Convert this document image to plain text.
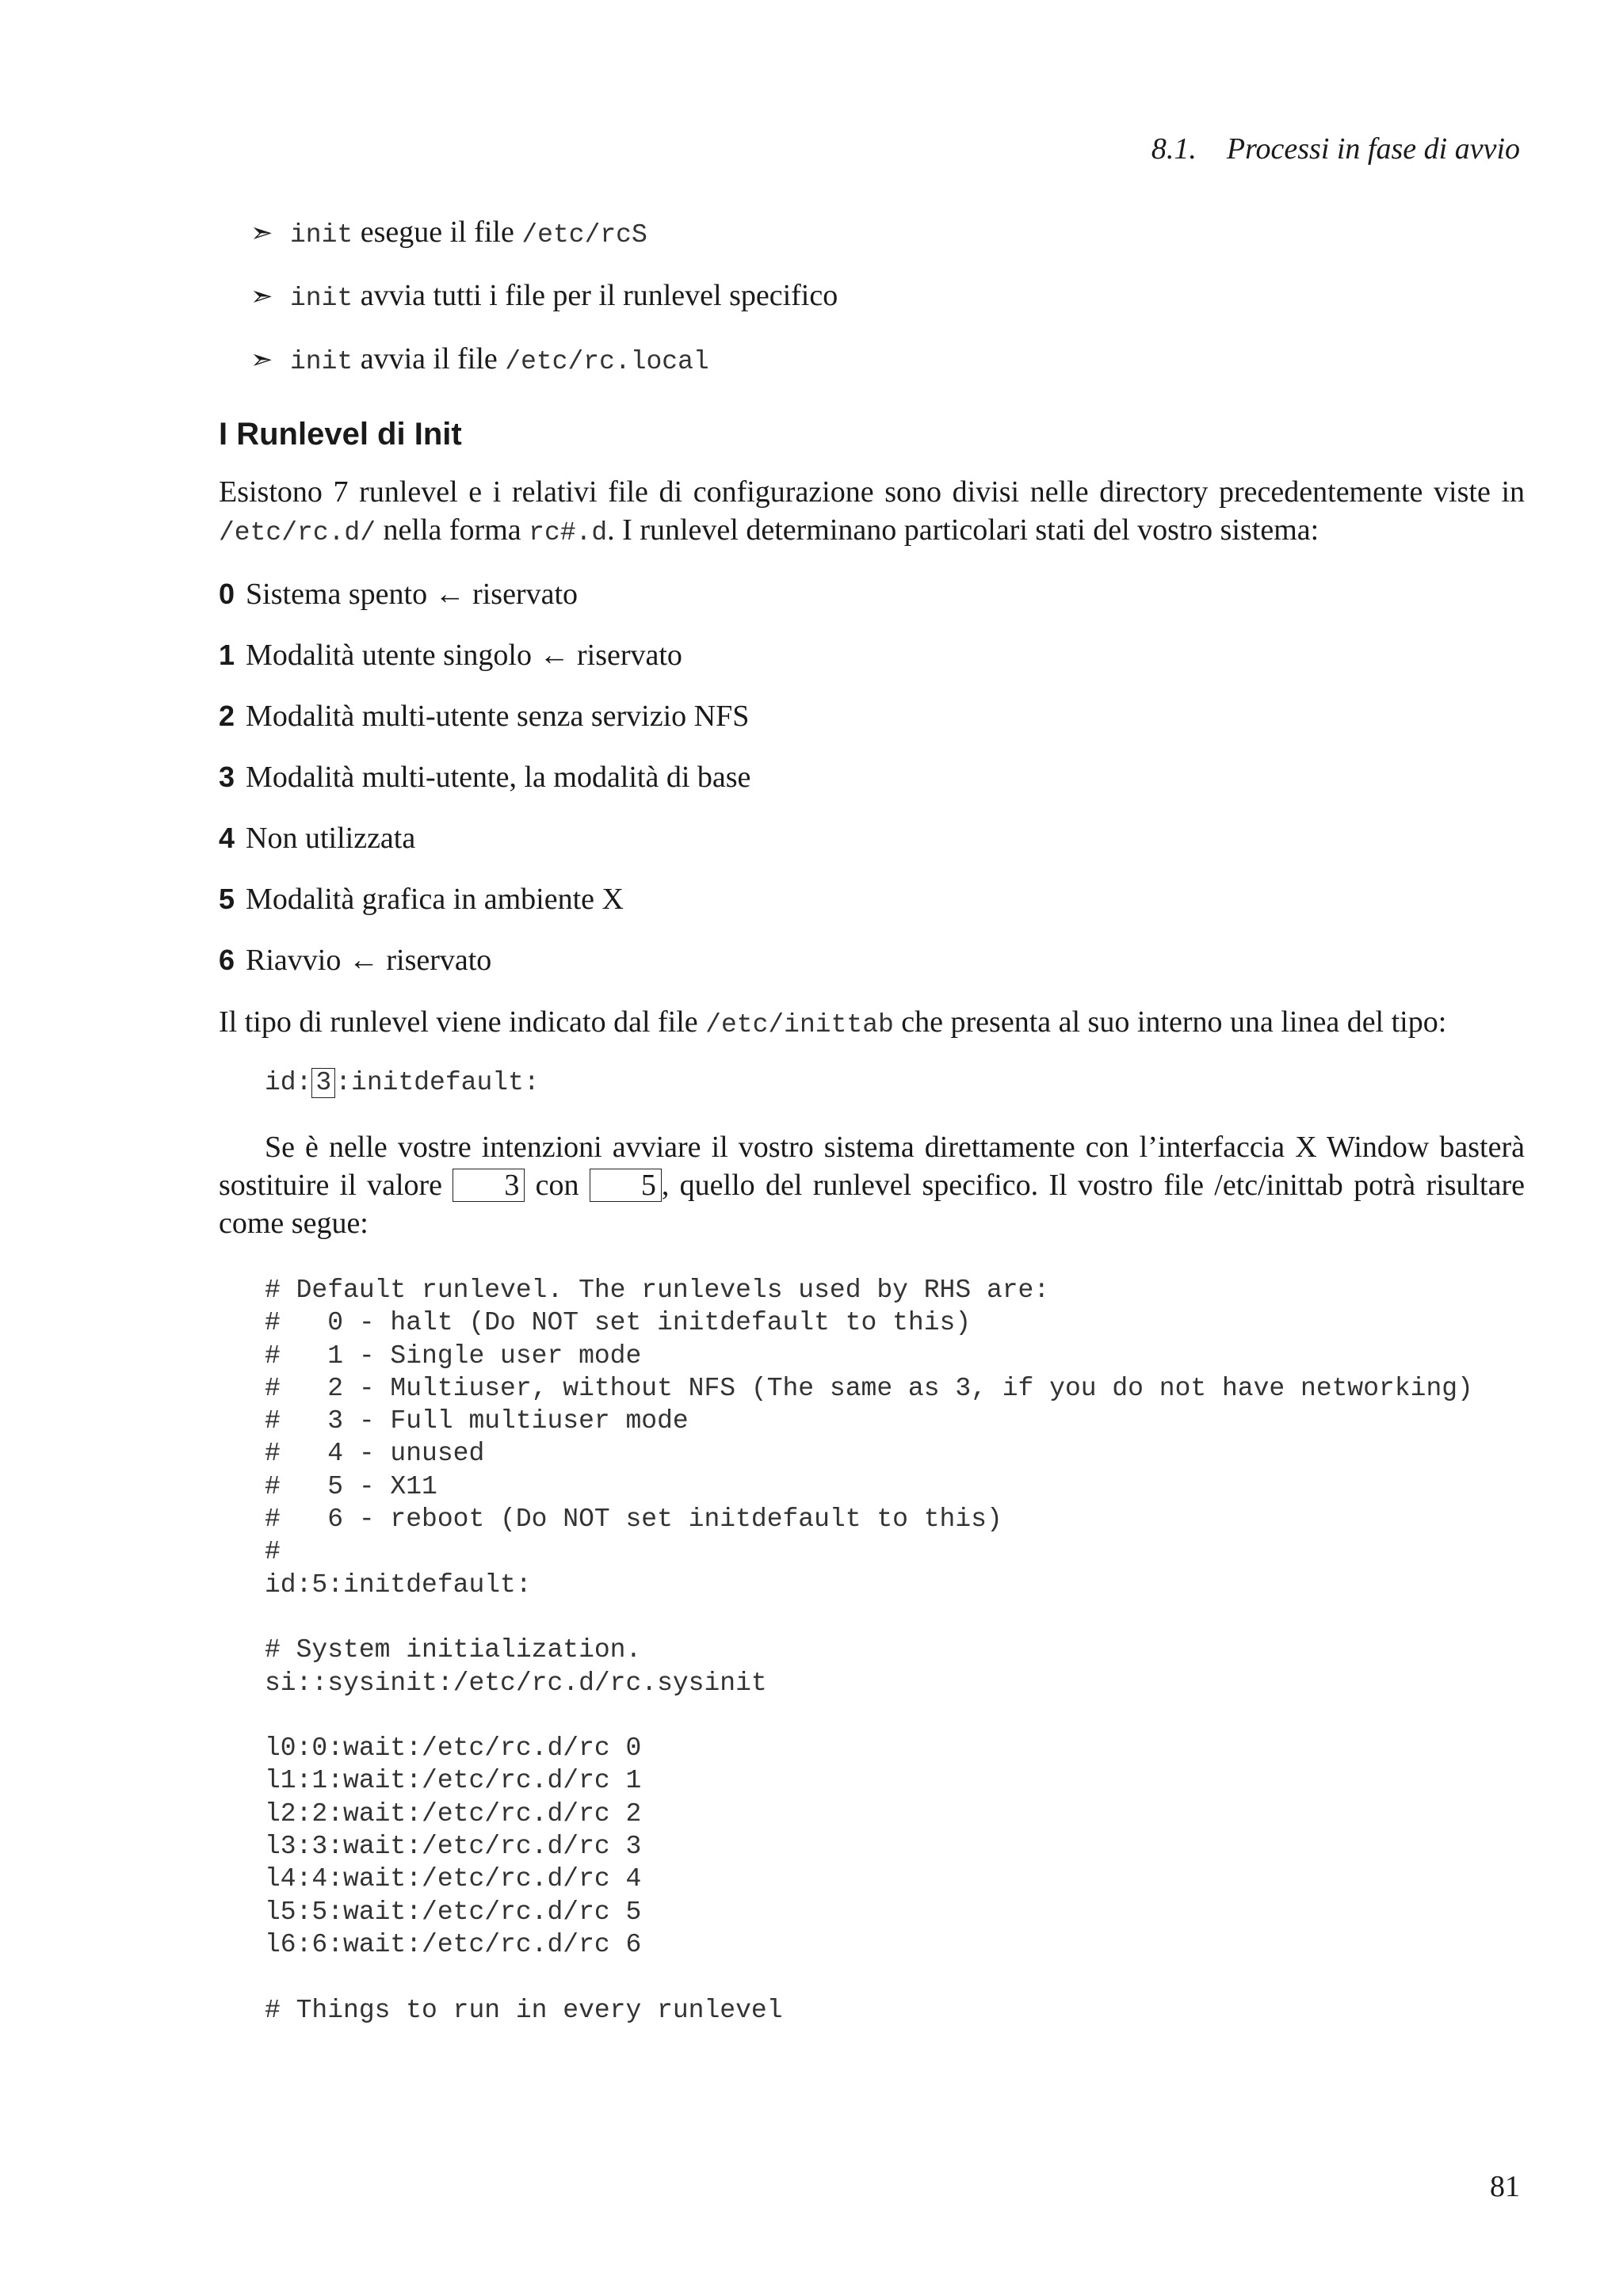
8.1. Processi in fase di avvio
➣ init esegue il file /etc/rcS
➣ init avvia tutti i file per il runlevel specifico
➣ init avvia il file /etc/rc.local
I Runlevel di Init

Esistono 7 runlevel e i relativi file di configurazione sono divisi nelle directory precedentemente viste in /etc/rc.d/ nella forma rc#.d. I runlevel determinano particolari stati del vostro sistema:

0 Sistema spento ← riservato
1 Modalità utente singolo ← riservato
2 Modalità multi-utente senza servizio NFS
3 Modalità multi-utente, la modalità di base
4 Non utilizzata
5 Modalità grafica in ambiente X
6 Riavvio ← riservato

Il tipo di runlevel viene indicato dal file /etc/inittab che presenta al suo interno una linea del tipo:

id: 3 :initdefault:

Se è nelle vostre intenzioni avviare il vostro sistema direttamente con l’interfaccia X Window basterà sostituire il valore 3 con 5 , quello del runlevel specifico. Il vostro file /etc/inittab potrà risultare come segue:

# Default runlevel. The runlevels used by RHS are:
#   0 - halt (Do NOT set initdefault to this)
#   1 - Single user mode
#   2 - Multiuser, without NFS (The same as 3, if you do not have networking)
#   3 - Full multiuser mode
#   4 - unused
#   5 - X11
#   6 - reboot (Do NOT set initdefault to this)
#
id:5:initdefault:

# System initialization.
si::sysinit:/etc/rc.d/rc.sysinit

l0:0:wait:/etc/rc.d/rc 0
l1:1:wait:/etc/rc.d/rc 1
l2:2:wait:/etc/rc.d/rc 2
l3:3:wait:/etc/rc.d/rc 3
l4:4:wait:/etc/rc.d/rc 4
l5:5:wait:/etc/rc.d/rc 5
l6:6:wait:/etc/rc.d/rc 6

# Things to run in every runlevel
81
